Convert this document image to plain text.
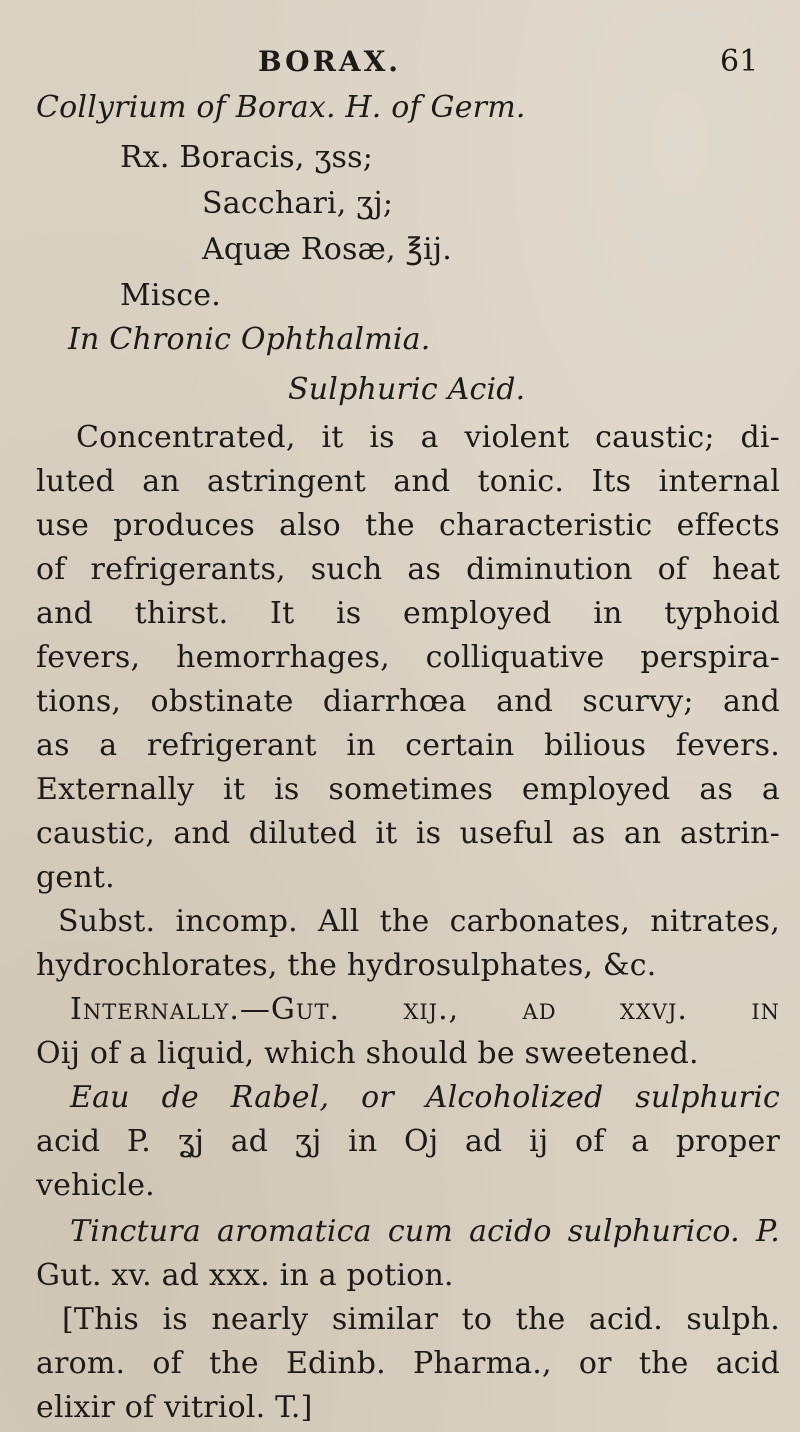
BORAX.	61
Collyrium of Borax. H. of Germ.
Rx. Boracis, ʒss;
Sacchari, ʒj;
Aquæ Rosæ, ℥ij.
Misce.
In Chronic Ophthalmia.
Sulphuric Acid.
Concentrated, it is a violent caustic; di-
luted an astringent and tonic. Its internal
use produces also the characteristic effects
of refrigerants, such as diminution of heat
and thirst. It is employed in typhoid
fevers, hemorrhages, colliquative perspira-
tions, obstinate diarrhœa and scurvy; and
as a refrigerant in certain bilious fevers.
Externally it is sometimes employed as a
caustic, and diluted it is useful as an astrin-
gent.
Subst. incomp. All the carbonates, nitrates,
hydrochlorates, the hydrosulphates, &c.
Internally.—Gut. xij., ad xxvj. in
Oij of a liquid, which should be sweetened.
Eau de Rabel, or Alcoholized sulphuric
acid P. ʓj ad ʒj in Oj ad ij of a proper
vehicle.
Tinctura aromatica cum acido sulphurico. P.
Gut. xv. ad xxx. in a potion.
[This is nearly similar to the acid. sulph.
arom. of the Edinb. Pharma., or the acid
elixir of vitriol. T.]
